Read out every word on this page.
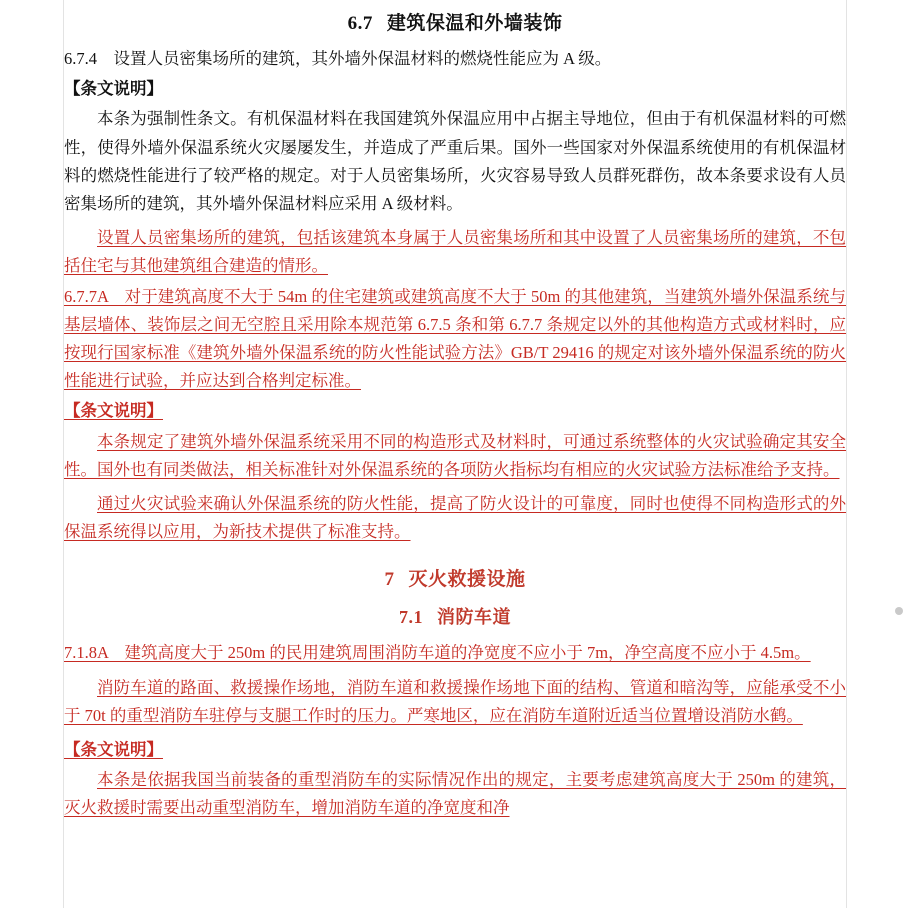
6.7 建筑保温和外墙装饰

6.7.4　设置人员密集场所的建筑，其外墙外保温材料的燃烧性能应为 A 级。

【条文说明】

本条为强制性条文。有机保温材料在我国建筑外保温应用中占据主导地位，但由于有机保温材料的可燃性，使得外墙外保温系统火灾屡屡发生，并造成了严重后果。国外一些国家对外保温系统使用的有机保温材料的燃烧性能进行了较严格的规定。对于人员密集场所，火灾容易导致人员群死群伤，故本条要求设有人员密集场所的建筑，其外墙外保温材料应采用 A 级材料。

设置人员密集场所的建筑，包括该建筑本身属于人员密集场所和其中设置了人员密集场所的建筑，不包括住宅与其他建筑组合建造的情形。

6.7.7A　对于建筑高度不大于 54m 的住宅建筑或建筑高度不大于 50m 的其他建筑，当建筑外墙外保温系统与基层墙体、装饰层之间无空腔且采用除本规范第 6.7.5 条和第 6.7.7 条规定以外的其他构造方式或材料时，应按现行国家标准《建筑外墙外保温系统的防火性能试验方法》GB/T 29416 的规定对该外墙外保温系统的防火性能进行试验，并应达到合格判定标准。

【条文说明】

本条规定了建筑外墙外保温系统采用不同的构造形式及材料时，可通过系统整体的火灾试验确定其安全性。国外也有同类做法，相关标准针对外保温系统的各项防火指标均有相应的火灾试验方法标准给予支持。

通过火灾试验来确认外保温系统的防火性能，提高了防火设计的可靠度，同时也使得不同构造形式的外保温系统得以应用，为新技术提供了标准支持。

7 灭火救援设施
7.1 消防车道

7.1.8A　建筑高度大于 250m 的民用建筑周围消防车道的净宽度不应小于 7m，净空高度不应小于 4.5m。

消防车道的路面、救援操作场地，消防车道和救援操作场地下面的结构、管道和暗沟等，应能承受不小于 70t 的重型消防车驻停与支腿工作时的压力。严寒地区，应在消防车道附近适当位置增设消防水鹤。

【条文说明】

本条是依据我国当前装备的重型消防车的实际情况作出的规定，主要考虑建筑高度大于 250m 的建筑，灭火救援时需要出动重型消防车，增加消防车道的净宽度和净
